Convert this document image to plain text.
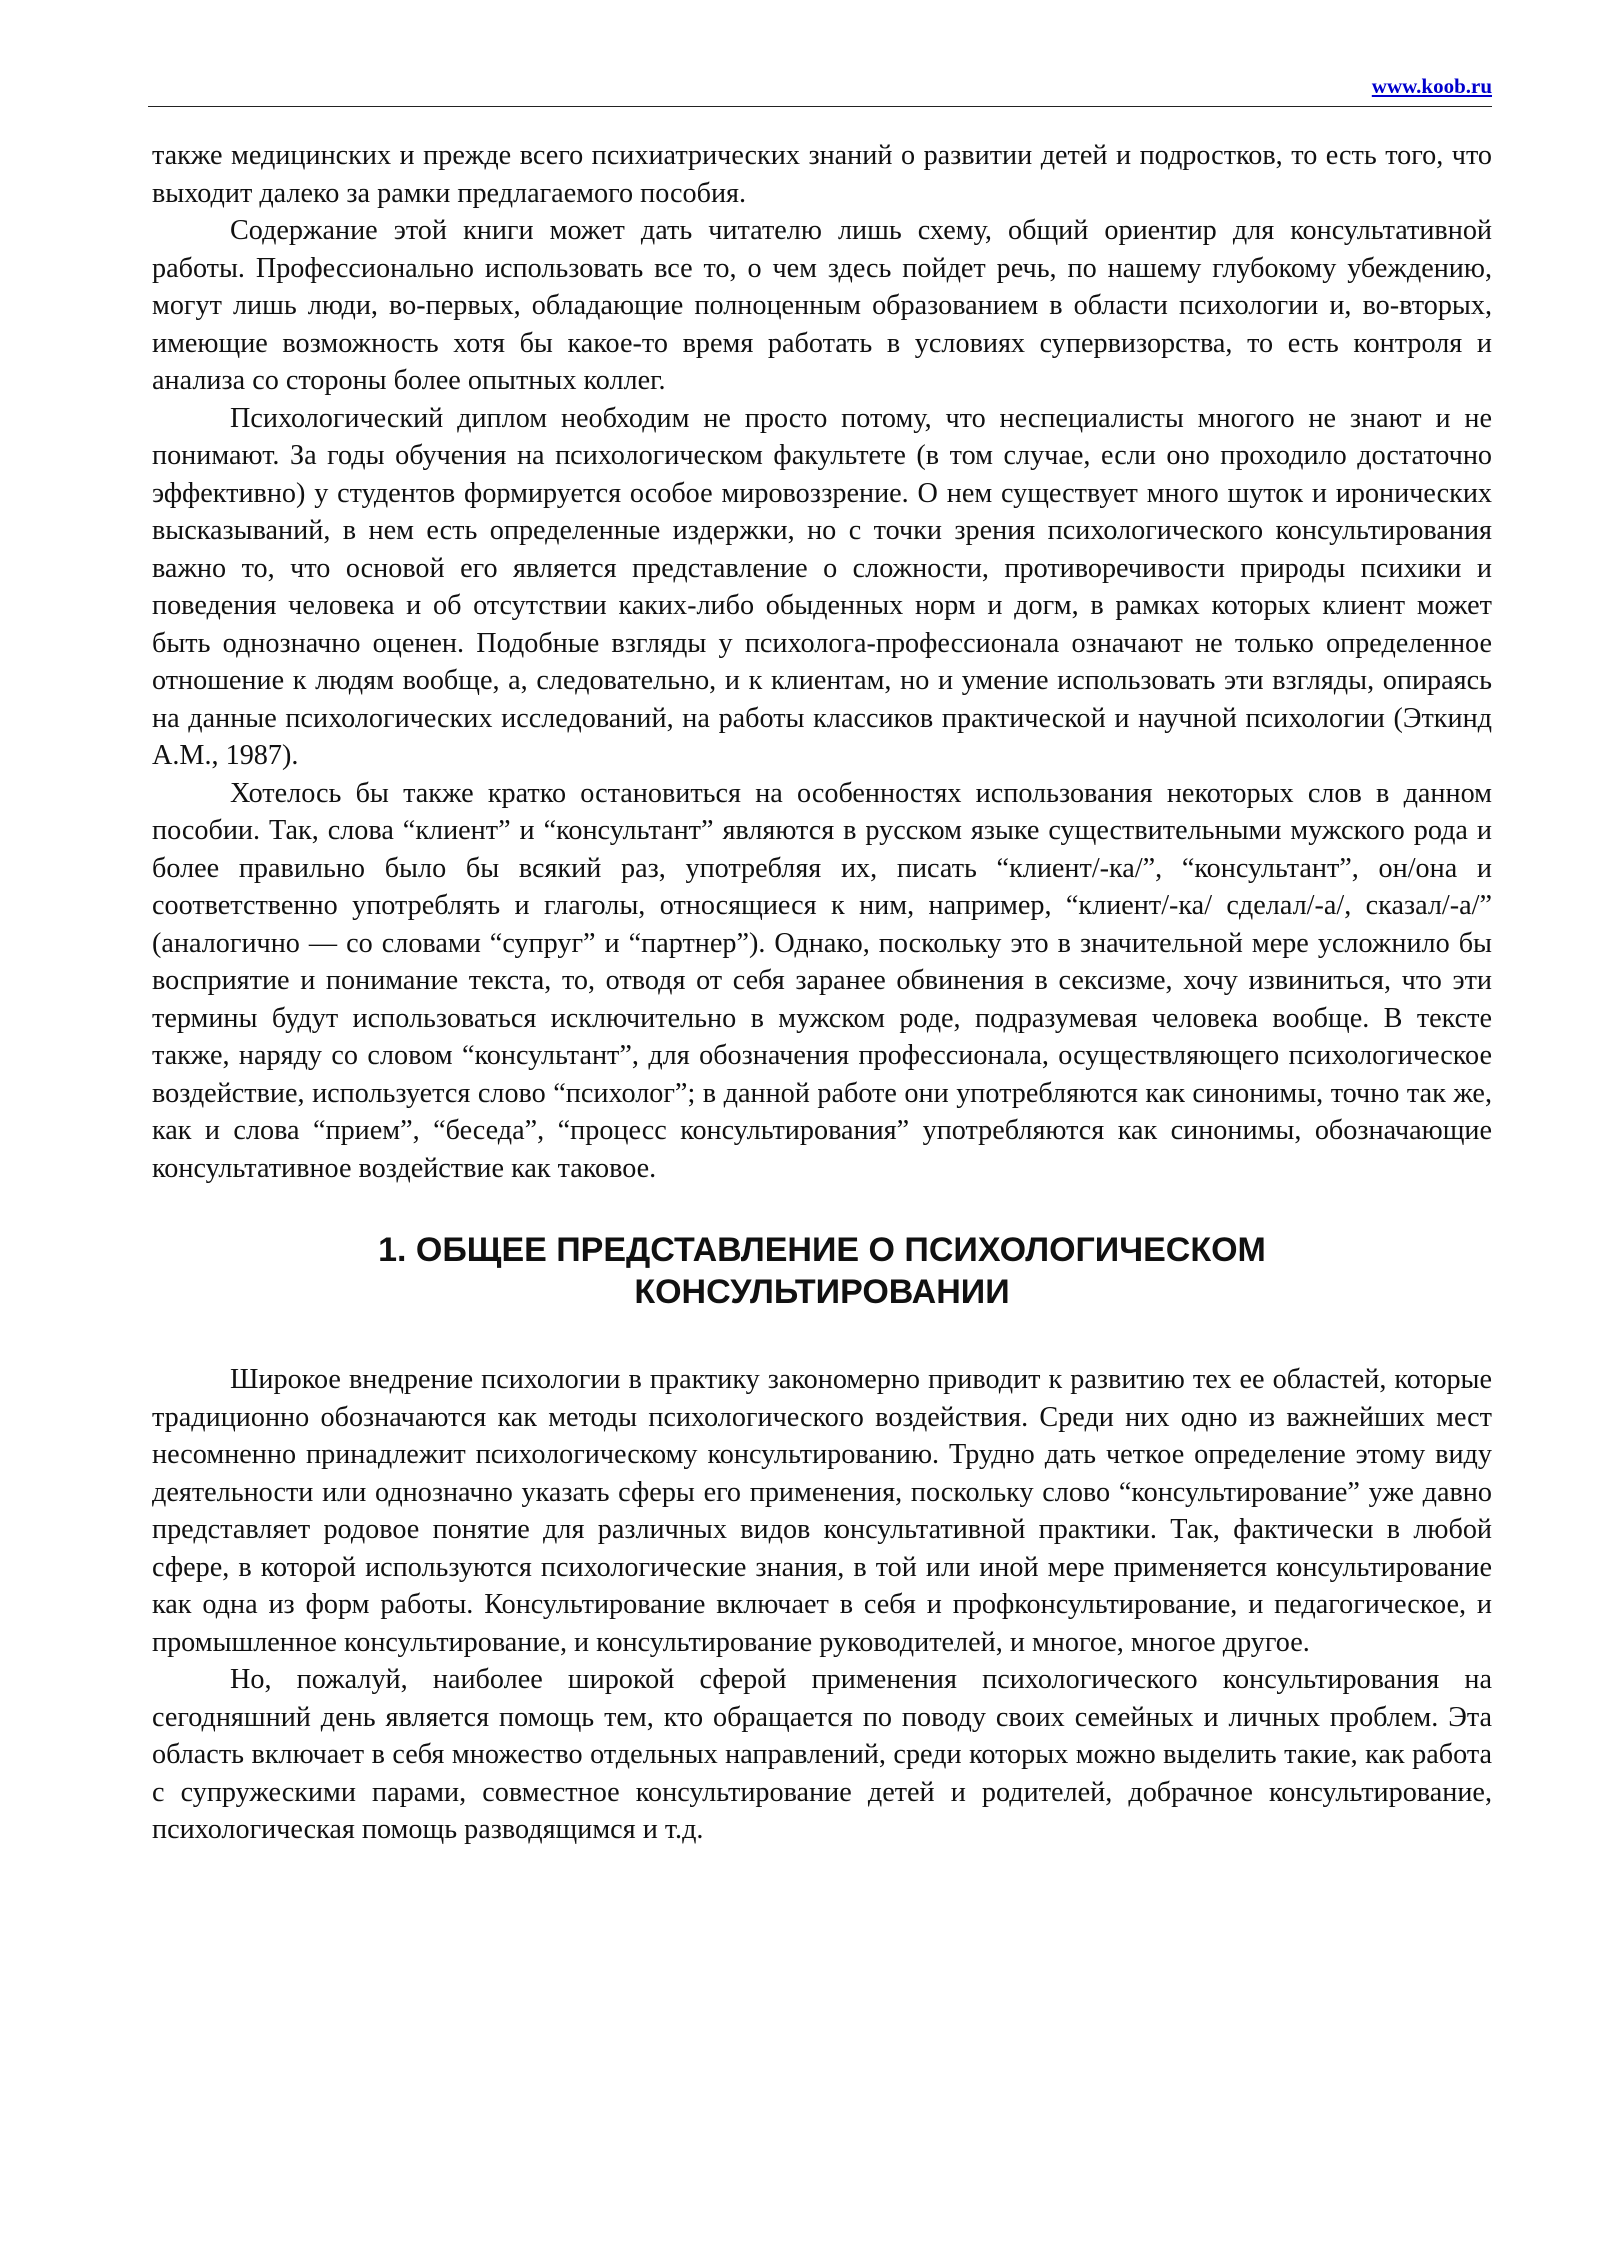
www.koob.ru

также медицинских и прежде всего психиатрических знаний о развитии детей и подростков, то есть того, что выходит далеко за рамки предлагаемого пособия.

Содержание этой книги может дать читателю лишь схему, общий ориентир для консультативной работы. Профессионально использовать все то, о чем здесь пойдет речь, по нашему глубокому убеждению, могут лишь люди, во-первых, обладающие полноценным образованием в области психологии и, во-вторых, имеющие возможность хотя бы какое-то время работать в условиях супервизорства, то есть контроля и анализа со стороны более опытных коллег.

Психологический диплом необходим не просто потому, что неспециалисты многого не знают и не понимают. За годы обучения на психологическом факультете (в том случае, если оно проходило достаточно эффективно) у студентов формируется особое мировоззрение. О нем существует много шуток и иронических высказываний, в нем есть определенные издержки, но с точки зрения психологического консультирования важно то, что основой его является представление о сложности, противоречивости природы психики и поведения человека и об отсутствии каких-либо обыденных норм и догм, в рамках которых клиент может быть однозначно оценен. Подобные взгляды у психолога-профессионала означают не только определенное отношение к людям вообще, а, следовательно, и к клиентам, но и умение использовать эти взгляды, опираясь на данные психологических исследований, на работы классиков практической и научной психологии (Эткинд А.М., 1987).

Хотелось бы также кратко остановиться на особенностях использования некоторых слов в данном пособии. Так, слова “клиент” и “консультант” являются в русском языке существительными мужского рода и более правильно было бы всякий раз, употребляя их, писать “клиент/-ка/”, “консультант”, он/она и соответственно употреблять и глаголы, относящиеся к ним, например, “клиент/-ка/ сделал/-а/, сказал/-а/” (аналогично — со словами “супруг” и “партнер”). Однако, поскольку это в значительной мере усложнило бы восприятие и понимание текста, то, отводя от себя заранее обвинения в сексизме, хочу извиниться, что эти термины будут использоваться исключительно в мужском роде, подразумевая человека вообще. В тексте также, наряду со словом “консультант”, для обозначения профессионала, осуществляющего психологическое воздействие, используется слово “психолог”; в данной работе они употребляются как синонимы, точно так же, как и слова “прием”, “беседа”, “процесс консультирования” употребляются как синонимы, обозначающие консультативное воздействие как таковое.

1. ОБЩЕЕ ПРЕДСТАВЛЕНИЕ О ПСИХОЛОГИЧЕСКОМ
КОНСУЛЬТИРОВАНИИ

Широкое внедрение психологии в практику закономерно приводит к развитию тех ее областей, которые традиционно обозначаются как методы психологического воздействия. Среди них одно из важнейших мест несомненно принадлежит психологическому консультированию. Трудно дать четкое определение этому виду деятельности или однозначно указать сферы его применения, поскольку слово “консультирование” уже давно представляет родовое понятие для различных видов консультативной практики. Так, фактически в любой сфере, в которой используются психологические знания, в той или иной мере применяется консультирование как одна из форм работы. Консультирование включает в себя и профконсультирование, и педагогическое, и промышленное консультирование, и консультирование руководителей, и многое, многое другое.

Но, пожалуй, наиболее широкой сферой применения психологического консультирования на сегодняшний день является помощь тем, кто обращается по поводу своих семейных и личных проблем. Эта область включает в себя множество отдельных направлений, среди которых можно выделить такие, как работа с супружескими парами, совместное консультирование детей и родителей, добрачное консультирование, психологическая помощь разводящимся и т.д.
